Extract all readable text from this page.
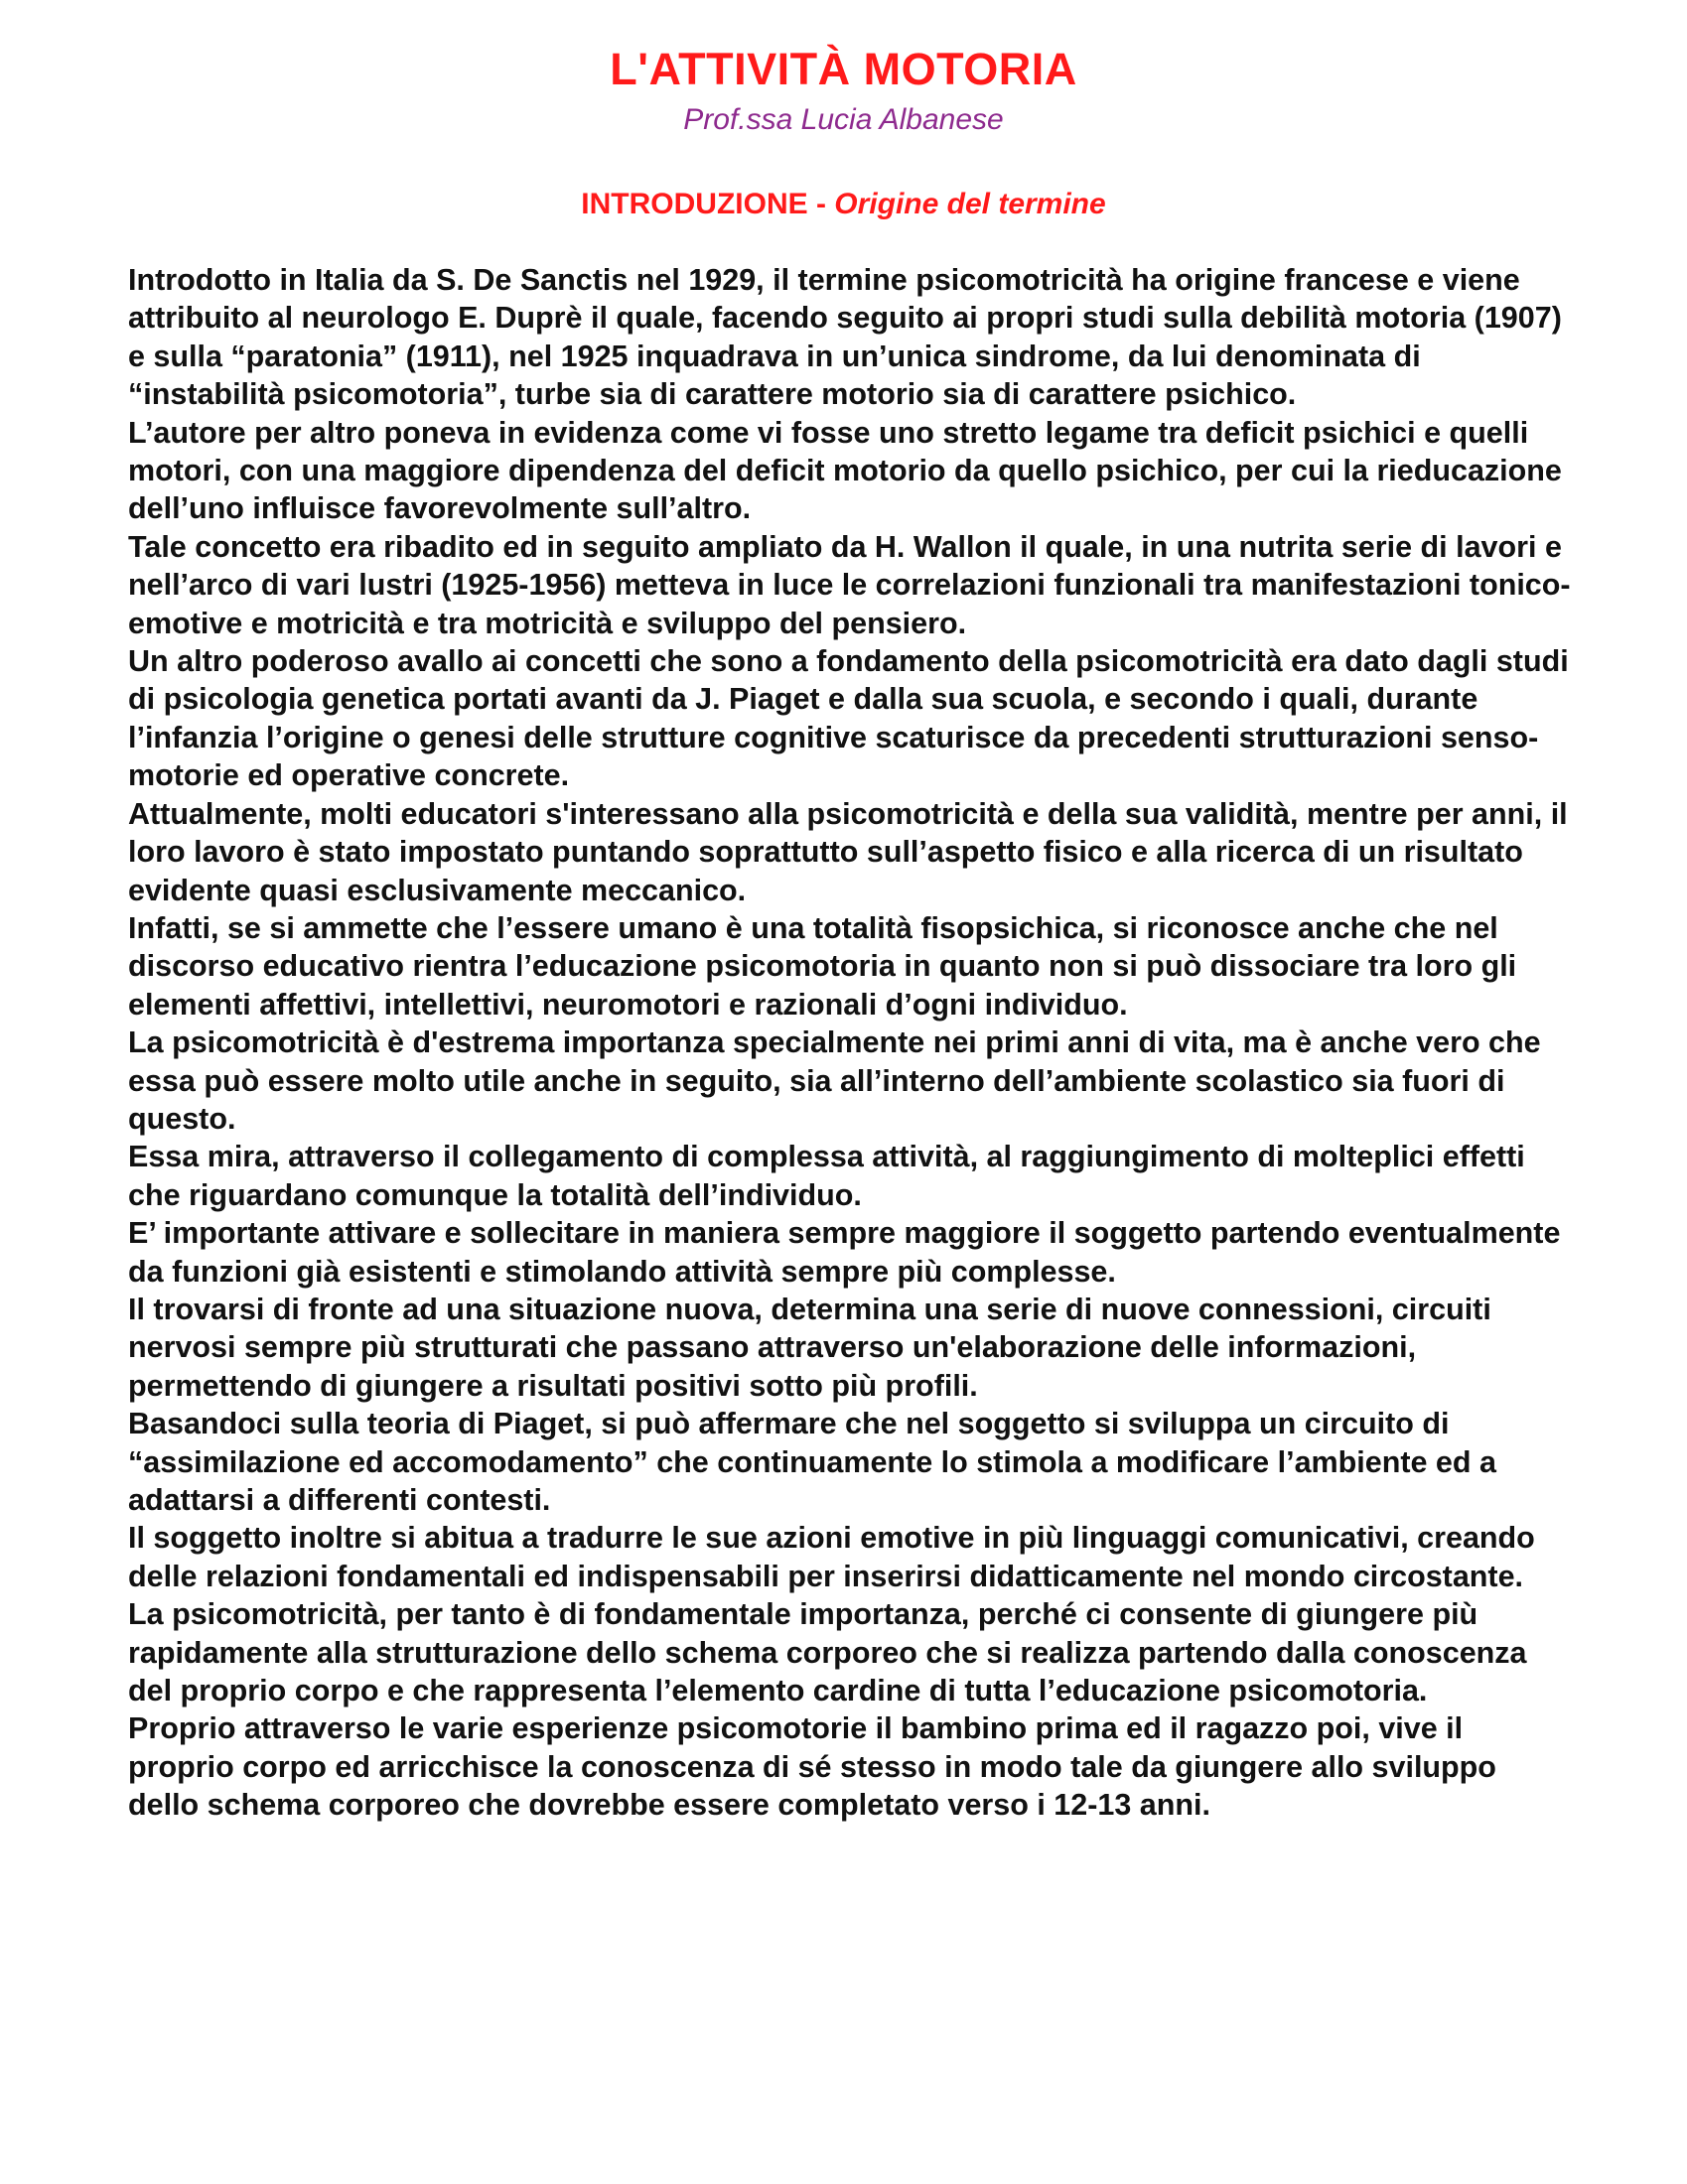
L'ATTIVITÀ MOTORIA
Prof.ssa Lucia Albanese
INTRODUZIONE - Origine del termine

Introdotto in Italia da S. De Sanctis nel 1929, il termine psicomotricità ha origine francese e viene attribuito al neurologo E. Duprè il quale, facendo seguito ai propri studi sulla debilità motoria (1907) e sulla “paratonia” (1911), nel 1925 inquadrava in un’unica sindrome, da lui denominata di “instabilità psicomotoria”, turbe sia di carattere motorio sia di carattere psichico.

L’autore per altro poneva in evidenza come vi fosse uno stretto legame tra deficit psichici e quelli motori, con una maggiore dipendenza del deficit motorio da quello psichico, per cui la rieducazione dell’uno influisce favorevolmente sull’altro.

Tale concetto era ribadito ed in seguito ampliato da H. Wallon il quale, in una nutrita serie di lavori e nell’arco di vari lustri (1925-1956) metteva in luce le correlazioni funzionali tra manifestazioni tonico-emotive e motricità e tra motricità e sviluppo del pensiero.

Un altro poderoso avallo ai concetti che sono a fondamento della psicomotricità era dato dagli studi di psicologia genetica portati avanti da J. Piaget e dalla sua scuola, e secondo i quali, durante l’infanzia l’origine o genesi delle strutture cognitive scaturisce da precedenti strutturazioni senso-motorie ed operative concrete.

Attualmente, molti educatori s'interessano alla psicomotricità e della sua validità, mentre per anni, il loro lavoro è stato impostato puntando soprattutto sull’aspetto fisico e alla ricerca di un risultato evidente quasi esclusivamente meccanico.

Infatti, se si ammette che l’essere umano è una totalità fisopsichica, si riconosce anche che nel discorso educativo rientra l’educazione psicomotoria in quanto non si può dissociare tra loro gli elementi affettivi, intellettivi, neuromotori e razionali d’ogni individuo.

La psicomotricità è d'estrema importanza specialmente nei primi anni di vita, ma è anche vero che essa può essere molto utile anche in seguito, sia all’interno dell’ambiente scolastico sia fuori di questo.

Essa mira, attraverso il collegamento di complessa attività, al raggiungimento di molteplici effetti che riguardano comunque la totalità dell’individuo.

E’ importante attivare e sollecitare in maniera sempre maggiore il soggetto partendo eventualmente da funzioni già esistenti e stimolando attività sempre più complesse.

Il trovarsi di fronte ad una situazione nuova, determina una serie di nuove connessioni, circuiti nervosi sempre più strutturati che passano attraverso un'elaborazione delle informazioni, permettendo di giungere a risultati positivi sotto più profili.

Basandoci sulla teoria di Piaget, si può affermare che nel soggetto si sviluppa un circuito di “assimilazione ed accomodamento” che continuamente lo stimola a modificare l’ambiente ed a adattarsi a differenti contesti.

Il soggetto inoltre si abitua a tradurre le sue azioni emotive in più linguaggi comunicativi, creando delle relazioni fondamentali ed indispensabili per inserirsi didatticamente nel mondo circostante.

La psicomotricità, per tanto è di fondamentale importanza, perché ci consente di giungere più rapidamente alla strutturazione dello schema corporeo che si realizza partendo dalla conoscenza del proprio corpo e che rappresenta l’elemento cardine di tutta l’educazione psicomotoria.

Proprio attraverso le varie esperienze psicomotorie il bambino prima ed il ragazzo poi, vive il proprio corpo ed arricchisce la conoscenza di sé stesso in modo tale da giungere allo sviluppo dello schema corporeo che dovrebbe essere completato verso i 12-13 anni.
